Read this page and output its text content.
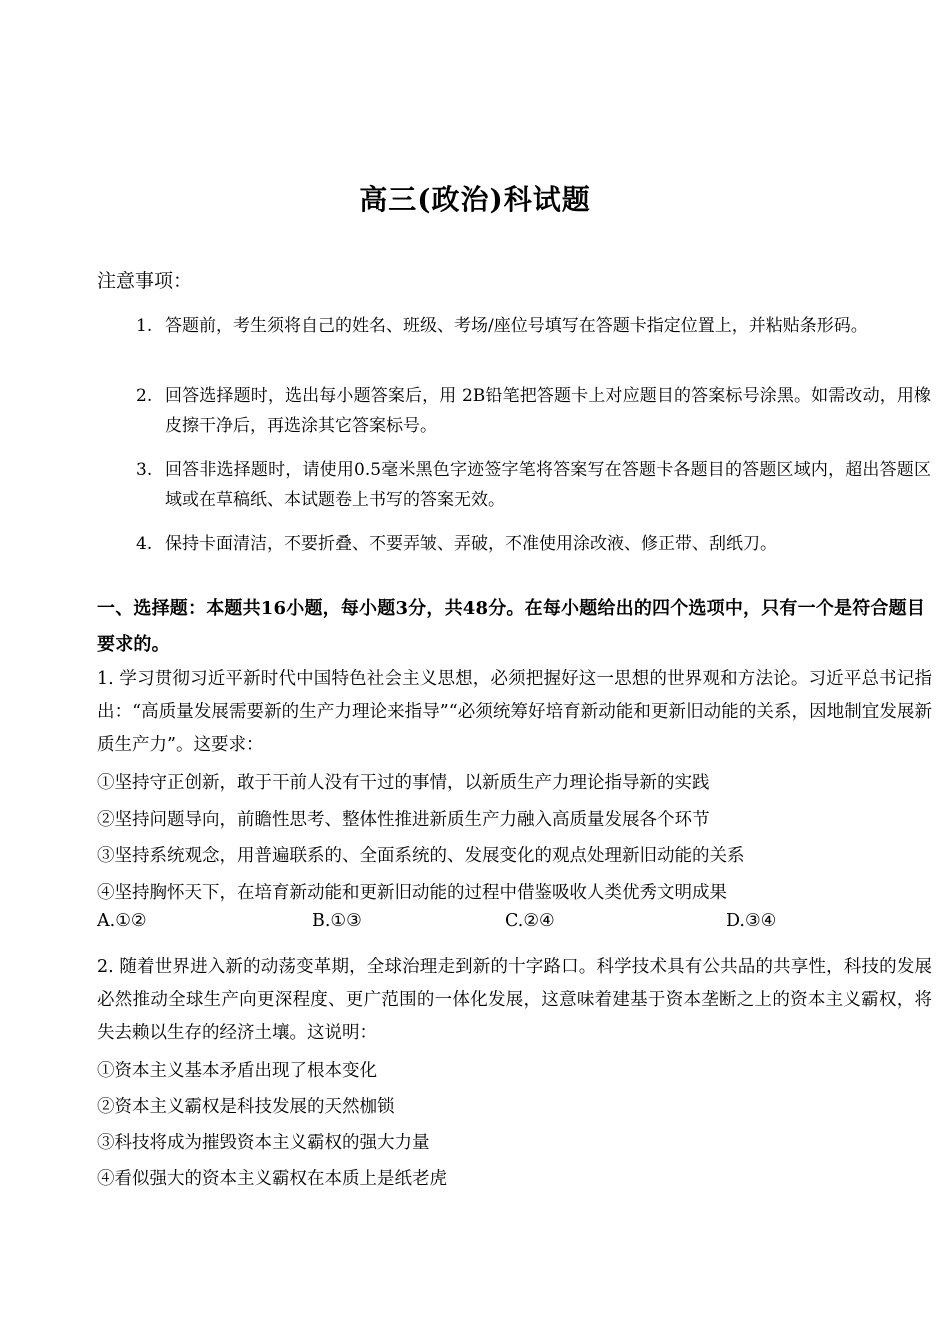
高三(政治)科试题
注意事项：
1. 答题前，考生须将自己的姓名、班级、考场/座位号填写在答题卡指定位置上，并粘贴条形码。
2. 回答选择题时，选出每小题答案后，用 2B铅笔把答题卡上对应题目的答案标号涂黑。如需改动，用橡皮擦干净后，再选涂其它答案标号。
3. 回答非选择题时，请使用0.5毫米黑色字迹签字笔将答案写在答题卡各题目的答题区域内，超出答题区域或在草稿纸、本试题卷上书写的答案无效。
4. 保持卡面清洁，不要折叠、不要弄皱、弄破，不准使用涂改液、修正带、刮纸刀。
一、选择题：本题共16小题，每小题3分，共48分。在每小题给出的四个选项中，只有一个是符合题目要求的。
1. 学习贯彻习近平新时代中国特色社会主义思想，必须把握好这一思想的世界观和方法论。习近平总书记指出：“高质量发展需要新的生产力理论来指导”“必须统筹好培育新动能和更新旧动能的关系，因地制宜发展新质生产力”。这要求：
①坚持守正创新，敢于干前人没有干过的事情，以新质生产力理论指导新的实践
②坚持问题导向，前瞻性思考、整体性推进新质生产力融入高质量发展各个环节
③坚持系统观念，用普遍联系的、全面系统的、发展变化的观点处理新旧动能的关系
④坚持胸怀天下，在培育新动能和更新旧动能的过程中借鉴吸收人类优秀文明成果
A.①②	B.①③	C.②④	D.③④
2. 随着世界进入新的动荡变革期，全球治理走到新的十字路口。科学技术具有公共品的共享性，科技的发展必然推动全球生产向更深程度、更广范围的一体化发展，这意味着建基于资本垄断之上的资本主义霸权，将失去赖以生存的经济土壤。这说明：
①资本主义基本矛盾出现了根本变化
②资本主义霸权是科技发展的天然枷锁
③科技将成为摧毁资本主义霸权的强大力量
④看似强大的资本主义霸权在本质上是纸老虎
